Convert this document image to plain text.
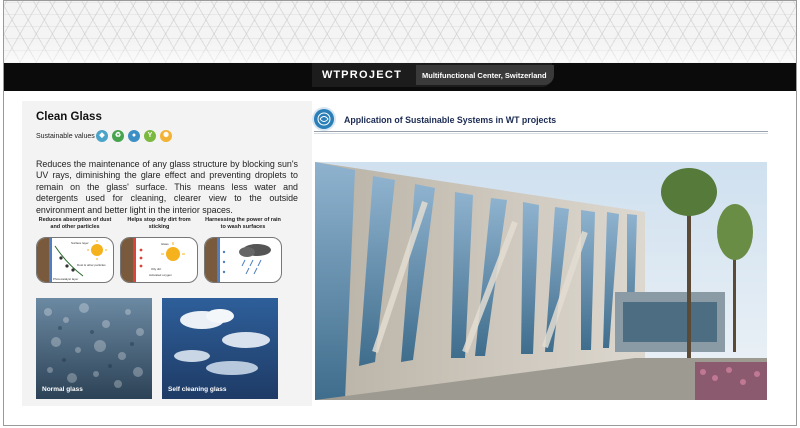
WTPROJECT	Multifunctional Center, Switzerland
Clean Glass
Sustainable values ◆	♻	●	Y	✺
Reduces the maintenance of any glass structure by blocking sun's UV rays, diminishing the glare effect and preventing droplets to remain on the glass' surface. This means less water and detergents used for cleaning, clearer view to the outside environment and better light in the interior spaces.
Reduces absorption of dust and other particles
Surface layer
Dust & other particles
Photocatalyst layer
Helps stop oily dirt from sticking
Glass
Oily dirt
Activated oxygen
Harnessing the power of rain to wash surfaces
Normal glass	Self cleaning glass
Application of Sustainable Systems in WT projects
